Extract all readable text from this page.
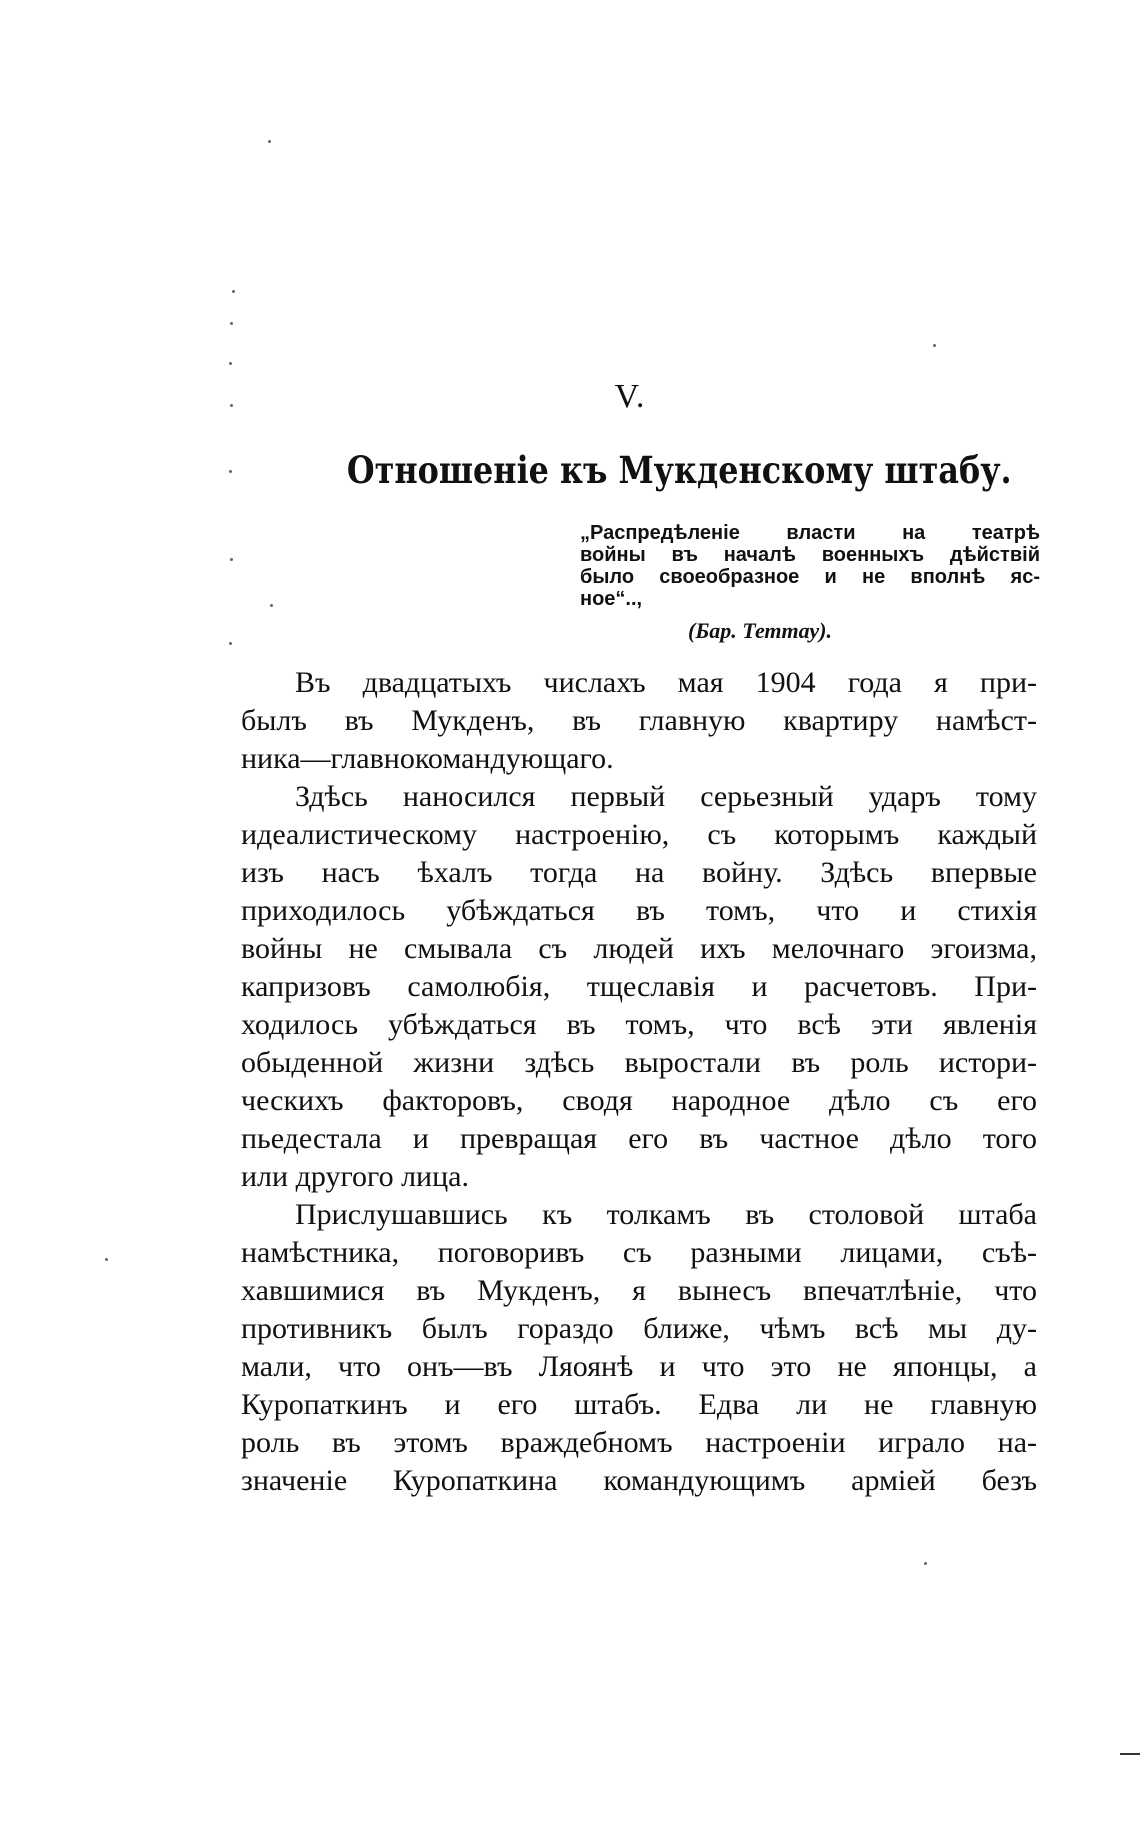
V.
Отношеніе къ Мукденскому штабу.
„Распредѣленіе власти на театрѣ
войны въ началѣ военныхъ дѣйствій
было своеобразное и не вполнѣ яс-
ное“..,
(Бар. Теттау).

Въ двадцатыхъ числахъ мая 1904 года я при-
былъ въ Мукденъ, въ главную квартиру намѣст-
ника—главнокомандующаго.

Здѣсь наносился первый серьезный ударъ тому
идеалистическому настроенію, съ которымъ каждый
изъ насъ ѣхалъ тогда на войну. Здѣсь впервые
приходилось убѣждаться въ томъ, что и стихія
войны не смывала съ людей ихъ мелочнаго эгоизма,
капризовъ самолюбія, тщеславія и расчетовъ. При-
ходилось убѣждаться въ томъ, что всѣ эти явленія
обыденной жизни здѣсь выростали въ роль истори-
ческихъ факторовъ, сводя народное дѣло съ его
пьедестала и превращая его въ частное дѣло того
или другого лица.

Прислушавшись къ толкамъ въ столовой штаба
намѣстника, поговоривъ съ разными лицами, съѣ-
хавшимися въ Мукденъ, я вынесъ впечатлѣніе, что
противникъ былъ гораздо ближе, чѣмъ всѣ мы ду-
мали, что онъ—въ Ляоянѣ и что это не японцы, а
Куропаткинъ и его штабъ. Едва ли не главную
роль въ этомъ враждебномъ настроеніи играло на-
значеніе Куропаткина командующимъ арміей безъ
